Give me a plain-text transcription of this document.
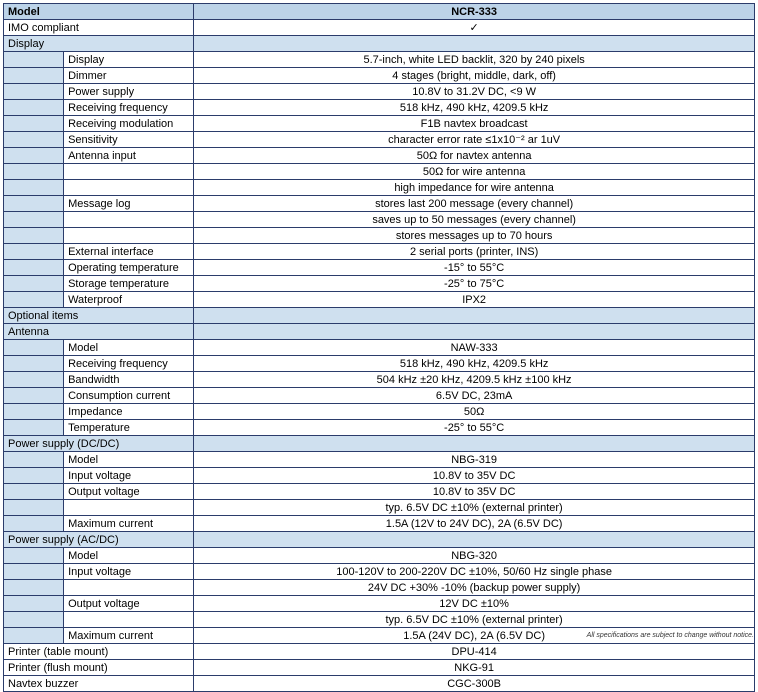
Model		NCR-333
IMO compliant		✓
Display		
	Display	5.7-inch, white LED backlit, 320 by 240 pixels
	Dimmer	4 stages (bright, middle, dark, off)
	Power supply	10.8V to 31.2V DC, <9 W
	Receiving frequency	518 kHz, 490 kHz, 4209.5 kHz
	Receiving modulation	F1B navtex broadcast
	Sensitivity	character error rate ≤1x10⁻² ar 1uV
	Antenna input	50Ω for navtex antenna
		50Ω for wire antenna
		high impedance for wire antenna
	Message log	stores last 200 message (every channel)
		saves up to 50 messages (every channel)
		stores messages up to 70 hours
	External interface	2 serial ports (printer, INS)
	Operating temperature	-15° to 55°C
	Storage temperature	-25° to 75°C
	Waterproof	IPX2
Optional items		
Antenna		
	Model	NAW-333
	Receiving frequency	518 kHz, 490 kHz, 4209.5 kHz
	Bandwidth	504 kHz ±20 kHz, 4209.5 kHz ±100 kHz
	Consumption current	6.5V DC, 23mA
	Impedance	50Ω
	Temperature	-25° to 55°C
Power supply (DC/DC)		
	Model	NBG-319
	Input voltage	10.8V to 35V DC
	Output voltage	10.8V to 35V DC
		typ. 6.5V DC ±10% (external printer)
	Maximum current	1.5A (12V to 24V DC), 2A (6.5V DC)
Power supply (AC/DC)		
	Model	NBG-320
	Input voltage	100-120V to 200-220V DC ±10%, 50/60 Hz single phase
		24V DC +30% -10% (backup power supply)
	Output voltage	12V DC ±10%
		typ. 6.5V DC ±10% (external printer)
	Maximum current	1.5A (24V DC), 2A (6.5V DC)
Printer (table mount)		DPU-414
Printer (flush mount)		NKG-91
Navtex buzzer		CGC-300B
All specifications are subject to change without notice.
